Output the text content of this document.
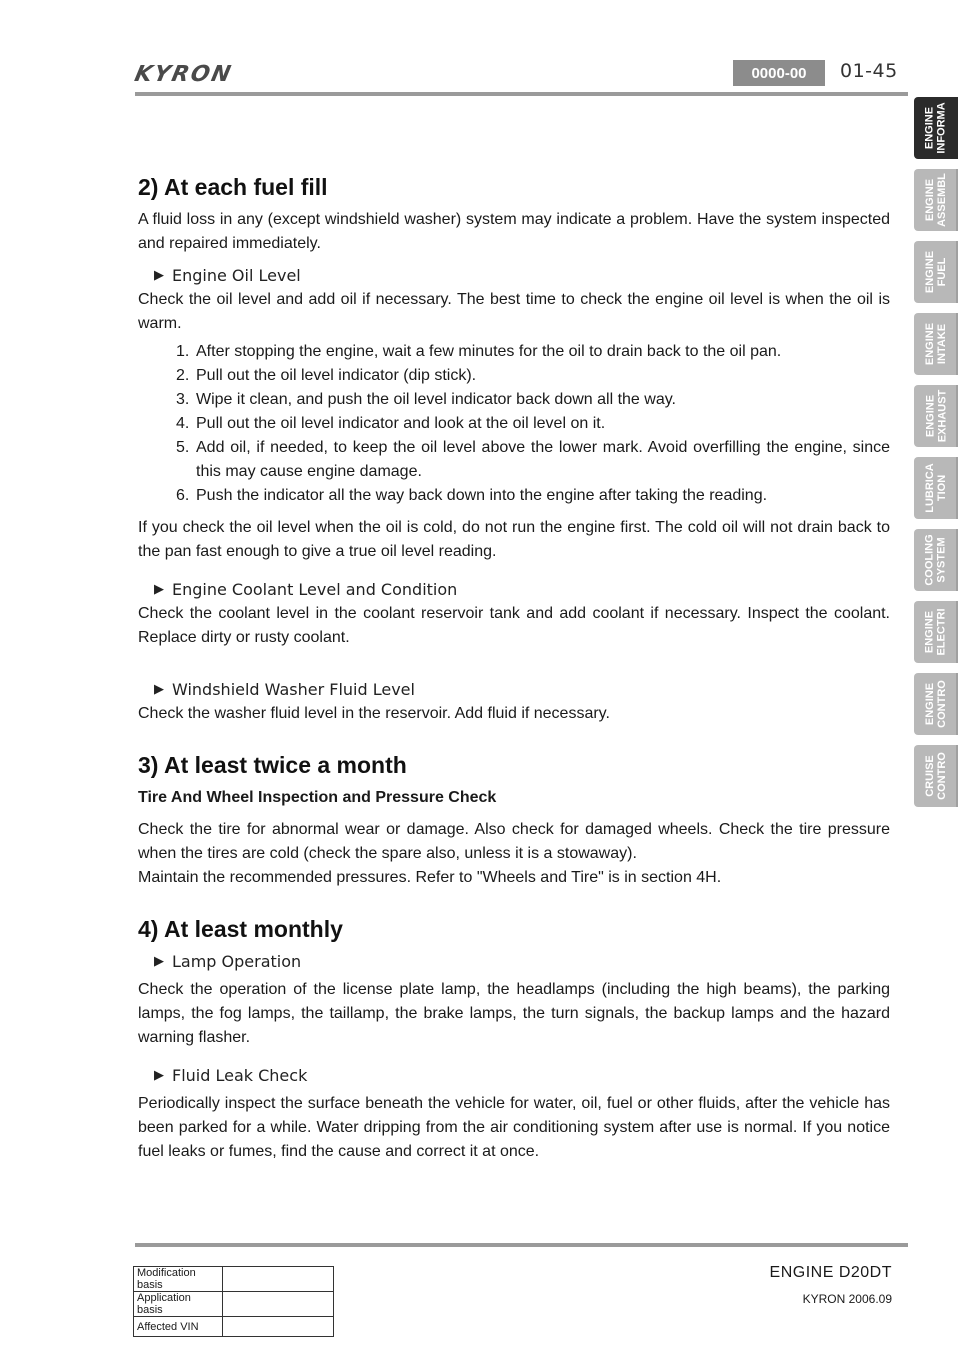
KYRON	0000-00	01-45
ENGINE
INFORMA
ENGINE
ASSEMBL
ENGINE
FUEL
ENGINE
INTAKE
ENGINE
EXHAUST
LUBRICA
TION
COOLING
SYSTEM
ENGINE
ELECTRI
ENGINE
CONTRO
CRUISE
CONTRO
2) At each fuel fill

A fluid loss in any (except windshield washer) system may indicate a problem. Have the system inspected and repaired immediately.

▶ Engine Oil Level

Check the oil level and add oil if necessary. The best time to check the engine oil level is when the oil is warm.

1. After stopping the engine, wait a few minutes for the oil to drain back to the oil pan.
2. Pull out the oil level indicator (dip stick).
3. Wipe it clean, and push the oil level indicator back down all the way.
4. Pull out the oil level indicator and look at the oil level on it.
5. Add oil, if needed, to keep the oil level above the lower mark. Avoid overfilling the engine, since this may cause engine damage.
6. Push the indicator all the way back down into the engine after taking the reading.

If you check the oil level when the oil is cold, do not run the engine first. The cold oil will not drain back to the pan fast enough to give a true oil level reading.

▶ Engine Coolant Level and Condition

Check the coolant level in the coolant reservoir tank and add coolant if necessary. Inspect the coolant. Replace dirty or rusty coolant.

▶ Windshield Washer Fluid Level

Check the washer fluid level in the reservoir. Add fluid if necessary.

3) At least twice a month

Tire And Wheel Inspection and Pressure Check

Check the tire for abnormal wear or damage. Also check for damaged wheels. Check the tire pressure when the tires are cold (check the spare also, unless it is a stowaway).

Maintain the recommended pressures. Refer to "Wheels and Tire" is in section 4H.

4) At least monthly
▶ Lamp Operation

Check the operation of the license plate lamp, the headlamps (including the high beams), the parking lamps, the fog lamps, the taillamp, the brake lamps, the turn signals, the backup lamps and the hazard warning flasher.

▶ Fluid Leak Check

Periodically inspect the surface beneath the vehicle for water, oil, fuel or other fluids, after the vehicle has been parked for a while. Water dripping from the air conditioning system after use is normal. If you notice fuel leaks or fumes, find the cause and correct it at once.

Modification basis	
Application basis	
Affected VIN	
ENGINE D20DT
KYRON 2006.09
